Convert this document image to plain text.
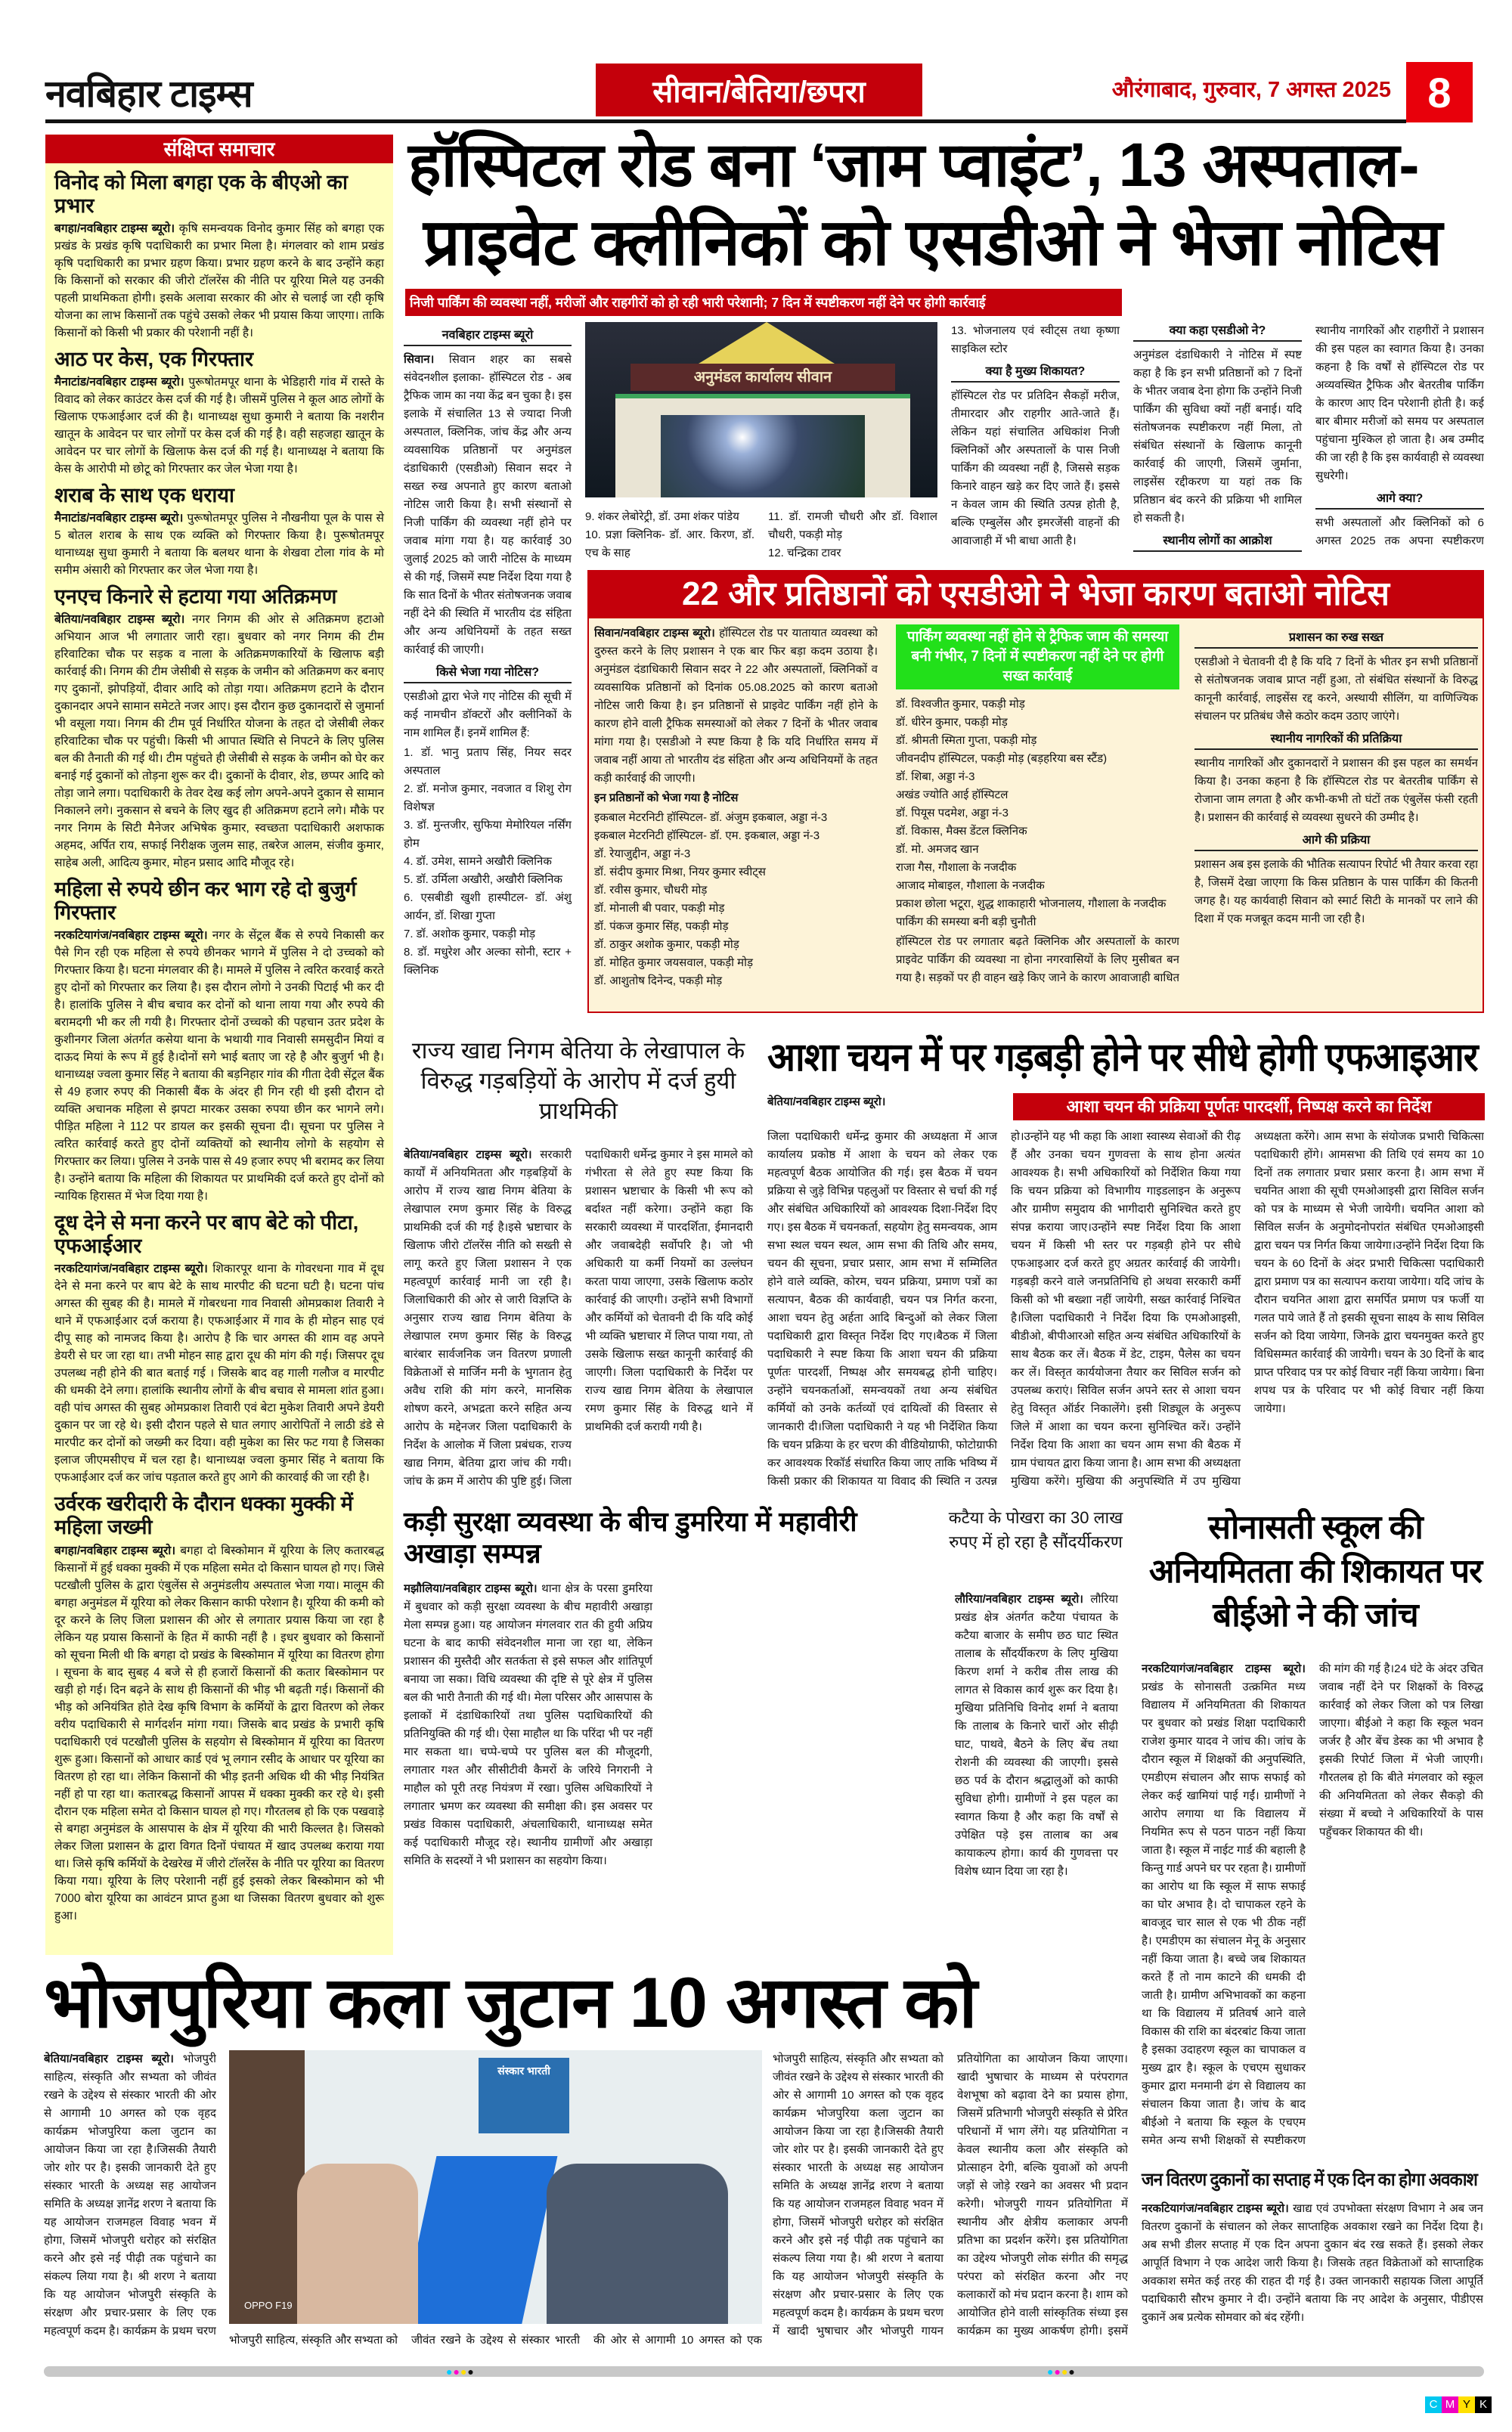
नवबिहार टाइम्स	सीवान/बेतिया/छपरा	औरंगाबाद, गुरुवार, 7 अगस्त 2025 8
संक्षिप्त समाचार
विनोद को मिला बगहा एक के बीएओ का प्रभार

बगहा/नवबिहार टाइम्स ब्यूरो। कृषि समन्वयक विनोद कुमार सिंह को बगहा एक प्रखंड के प्रखंड कृषि पदाधिकारी का प्रभार मिला है। मंगलवार को शाम प्रखंड कृषि पदाधिकारी का प्रभार ग्रहण किया। प्रभार ग्रहण करने के बाद उन्होंने कहा कि किसानों को सरकार की जीरो टॉलरेंस की नीति पर यूरिया मिले यह उनकी पहली प्राथमिकता होगी। इसके अलावा सरकार की ओर से चलाई जा रही कृषि योजना का लाभ किसानों तक पहुंचे उसको लेकर भी प्रयास किया जाएगा। ताकि किसानों को किसी भी प्रकार की परेशानी नहीं है।

आठ पर केस, एक गिरफ्तार

मैनाटांड/नवबिहार टाइम्स ब्यूरो। पुरूषोतमपूर थाना के भेडिहारी गांव में रास्ते के विवाद को लेकर काउंटर केस दर्ज की गई है। जीसमें पुलिस ने कूल आठ लोगों के खिलाफ एफआईआर दर्ज की है। थानाध्यक्ष सुधा कुमारी ने बताया कि नशरीन खातून के आवेदन पर चार लोगों पर केस दर्ज की गई है। वही सहजहा खातून के आवेदन पर चार लोगों के खिलाफ केस दर्ज की गई है। थानाध्यक्ष ने बताया कि केस के आरोपी मो छोटू को गिरफ्तार कर जेल भेजा गया है।

शराब के साथ एक धराया

मैनाटांड/नवबिहार टाइम्स ब्यूरो। पुरूषोतमपूर पुलिस ने नौखनीया पूल के पास से 5 बोतल शराब के साथ एक व्यक्ति को गिरफ्तार किया है। पुरूषोतमपूर थानाध्यक्ष सुधा कुमारी ने बताया कि बलथर थाना के शेखवा टोला गांव के मो समीम अंसारी को गिरफ्तार कर जेल भेजा गया है।

एनएच किनारे से हटाया गया अतिक्रमण

बेतिया/नवबिहार टाइम्स ब्यूरो। नगर निगम की ओर से अतिक्रमण हटाओ अभियान आज भी लगातार जारी रहा। बुधवार को नगर निगम की टीम हरिवाटिका चौक पर सड़क व नाला के अतिक्रमणकारियों के खिलाफ बड़ी कार्रवाई की। निगम की टीम जेसीबी से सड़क के जमीन को अतिक्रमण कर बनाए गए दुकानों, झोपड़ियों, दीवार आदि को तोड़ा गया। अतिक्रमण हटाने के दौरान दुकानदार अपने सामान समेटते नजर आए। इस दौरान कुछ दुकानदारों से जुमार्ना भी वसूला गया। निगम की टीम पूर्व निर्धारित योजना के तहत दो जेसीबी लेकर हरिवाटिका चौक पर पहुंची। किसी भी आपात स्थिति से निपटने के लिए पुलिस बल की तैनाती की गई थी। टीम पहुंचते ही जेसीबी से सड़क के जमीन को घेर कर बनाई गई दुकानों को तोड़ना शुरू कर दी। दुकानों के दीवार, शेड, छप्पर आदि को तोड़ा जाने लगा। पदाधिकारी के तेवर देख कई लोग अपने-अपने दुकान से सामान निकालने लगे। नुकसान से बचने के लिए खुद ही अतिक्रमण हटाने लगे। मौके पर नगर निगम के सिटी मैनेजर अभिषेक कुमार, स्वच्छता पदाधिकारी अशफाक अहमद, अर्पित राय, सफाई निरीक्षक जुलम साह, तबरेज आलम, संजीव कुमार, साहेब अली, आदित्य कुमार, मोहन प्रसाद आदि मौजूद रहे।

महिला से रुपये छीन कर भाग रहे दो बुजुर्ग गिरफ्तार

नरकटियागंज/नवबिहार टाइम्स ब्यूरो। नगर के सेंट्रल बैंक से रुपये निकासी कर पैसे गिन रही एक महिला से रुपये छीनकर भागने में पुलिस ने दो उच्चको को गिरफ्तार किया है। घटना मंगलवार की है। मामले में पुलिस ने त्वरित करवाई करते हुए दोनों को गिरफ्तार कर लिया है। इस दौरान लोगो ने उनकी पिटाई भी कर दी है। हालांकि पुलिस ने बीच बचाव कर दोनों को थाना लाया गया और रुपये की बरामदगी भी कर ली गयी है। गिरफ्तार दोनों उच्चको की पहचान उतर प्रदेश के कुशीनगर जिला अंतर्गत कसेया थाना के भथायी गाव निवासी समसुदीन मियां व दाऊद मियां के रूप में हुई है।दोनों सगे भाई बताए जा रहे है और बुजुर्ग भी है। थानाध्यक्ष ज्वला कुमार सिंह ने बताया की बड़निहार गांव की गीता देवी सेंट्रल बैंक से 49 हजार रुपए की निकासी बैंक के अंदर ही गिन रही थी इसी दौरान दो व्यक्ति अचानक महिला से झपटा मारकर उसका रुपया छीन कर भागने लगे। पीड़ित महिला ने 112 पर डायल कर इसकी सूचना दी। सूचना पर पुलिस ने त्वरित कार्रवाई करते हुए दोनों व्यक्तियों को स्थानीय लोगो के सहयोग से गिरफ्तार कर लिया। पुलिस ने उनके पास से 49 हजार रुपए भी बरामद कर लिया है। उन्होंने बताया कि महिला की शिकायत पर प्राथमिकी दर्ज करते हुए दोनों को न्यायिक हिरासत में भेज दिया गया है।

दूध देने से मना करने पर बाप बेटे को पीटा, एफआईआर

नरकटियागंज/नवबिहार टाइम्स ब्यूरो। शिकारपूर थाना के गोवरधना गाव में दूध देने से मना करने पर बाप बेटे के साथ मारपीट की घटना घटी है। घटना पांच अगस्त की सुबह की है। मामले में गोबरधना गाव निवासी ओमप्रकाश तिवारी ने थाने में एफआईआर दर्ज कराया है। एफआईआर में गाव के ही मोहन साह एवं दीपू साह को नामजद किया है। आरोप है कि चार अगस्त की शाम वह अपने डेयरी से घर जा रहा था। तभी मोहन साह द्वारा दूध की मांग की गई। जिसपर दूध उपलब्ध नही होने की बात बताई गई । जिसके बाद वह गाली गलौज व मारपीट की धमकी देने लगा। हालांकि स्थानीय लोगों के बीच बचाव से मामला शांत हुआ। वही पांच अगस्त की सुबह ओमप्रकाश तिवारी एवं बेटा मुकेश तिवारी अपने डेयरी दुकान पर जा रहे थे। इसी दौरान पहले से घात लगाए आरोपितों ने लाठी डंडे से मारपीट कर दोनों को जख्मी कर दिया। वही मुकेश का सिर फट गया है जिसका इलाज जीएमसीएच में चल रहा है। थानाध्यक्ष ज्वला कुमार सिंह ने बताया कि एफआईआर दर्ज कर जांच पड़ताल करते हुए आगे की कारवाई की जा रही है।

उर्वरक खरीदारी के दौरान धक्का मुक्की में महिला जख्मी

बगहा/नवबिहार टाइम्स ब्यूरो। बगहा दो बिस्कोमान में यूरिया के लिए कतारबद्ध किसानों में हुई धक्का मुक्की में एक महिला समेत दो किसान घायल हो गए। जिसे पटखौली पुलिस के द्वारा एंबुलेंस से अनुमंडलीय अस्पताल भेजा गया। मालूम की बगहा अनुमंडल में यूरिया को लेकर किसान काफी परेशान है। यूरिया की कमी को दूर करने के लिए जिला प्रशासन की ओर से लगातार प्रयास किया जा रहा है लेकिन यह प्रयास किसानों के हित में काफी नहीं है । इधर बुधवार को किसानों को सूचना मिली थी कि बगहा दो प्रखंड के बिस्कोमान में यूरिया का वितरण होगा । सूचना के बाद सुबह 4 बजे से ही हजारों किसानों की कतार बिस्कोमान पर खड़ी हो गई। दिन बढ़ने के साथ ही किसानों की भीड़ भी बढ़ती गई। किसानों की भीड़ को अनियंत्रित होते देख कृषि विभाग के कर्मियों के द्वारा वितरण को लेकर वरीय पदाधिकारी से मार्गदर्शन मांगा गया। जिसके बाद प्रखंड के प्रभारी कृषि पदाधिकारी एवं पटखौली पुलिस के सहयोग से बिस्कोमान में यूरिया का वितरण शुरू हुआ। किसानों को आधार कार्ड एवं भू लगान रसीद के आधार पर यूरिया का वितरण हो रहा था। लेकिन किसानों की भीड़ इतनी अधिक थी की भीड़ नियंत्रित नहीं हो पा रहा था। कतारबद्ध किसानों आपस में धक्का मुक्की कर रहे थे। इसी दौरान एक महिला समेत दो किसान घायल हो गए। गौरतलब हो कि एक पखवाड़े से बगहा अनुमंडल के आसपास के क्षेत्र में यूरिया की भारी किल्लत है। जिसको लेकर जिला प्रशासन के द्वारा विगत दिनों पंचायत में खाद उपलब्ध कराया गया था। जिसे कृषि कर्मियों के देखरेख में जीरो टॉलरेंस के नीति पर यूरिया का वितरण किया गया। यूरिया के लिए परेशानी नहीं हुई इसको लेकर बिस्कोमान को भी 7000 बोरा यूरिया का आवंटन प्राप्त हुआ था जिसका वितरण बुधवार को शुरू हुआ।

हॉस्पिटल रोड बना ‘जाम प्वाइंट’, 13 अस्पताल-
प्राइवेट क्लीनिकों को एसडीओ ने भेजा नोटिस
निजी पार्किंग की व्यवस्था नहीं, मरीजों और राहगीरों को हो रही भारी परेशानी; 7 दिन में स्पष्टीकरण नहीं देने पर होगी कार्रवाई
नवबिहार टाइम्स ब्यूरो

सिवान। सिवान शहर का सबसे संवेदनशील इलाका- हॉस्पिटल रोड - अब ट्रैफिक जाम का नया केंद्र बन चुका है। इस इलाके में संचालित 13 से ज्यादा निजी अस्पताल, क्लिनिक, जांच केंद्र और अन्य व्यवसायिक प्रतिष्ठानों पर अनुमंडल दंडाधिकारी (एसडीओ) सिवान सदर ने सख्त रुख अपनाते हुए कारण बताओ नोटिस जारी किया है। सभी संस्थानों से निजी पार्किंग की व्यवस्था नहीं होने पर जवाब मांगा गया है। यह कार्रवाई 30 जुलाई 2025 को जारी नोटिस के माध्यम से की गई, जिसमें स्पष्ट निर्देश दिया गया है कि सात दिनों के भीतर संतोषजनक जवाब नहीं देने की स्थिति में भारतीय दंड संहिता और अन्य अधिनियमों के तहत सख्त कार्रवाई की जाएगी।

किसे भेजा गया नोटिस?

एसडीओ द्वारा भेजे गए नोटिस की सूची में कई नामचीन डॉक्टरों और क्लीनिकों के नाम शामिल हैं। इनमें शामिल हैं:

1. डॉ. भानु प्रताप सिंह, नियर सदर अस्पताल
2. डॉ. मनोज कुमार, नवजात व शिशु रोग विशेषज्ञ
3. डॉ. मुन्तजीर, सुफिया मेमोरियल नर्सिंग होम
4. डॉ. उमेश, सामने अखौरी क्लिनिक
5. डॉ. उर्मिला अखौरी, अखौरी क्लिनिक
6. एसबीडी खुशी हास्पीटल- डॉ. अंशु आर्यन, डॉ. शिखा गुप्ता
7. डॉ. अशोक कुमार, पकड़ी मोड़
8. डॉ. मधुरेश और अल्का सोनी, स्टार + क्लिनिक
अनुमंडल कार्यालय सीवान
9. शंकर लेबोरेट्री, डॉ. उमा शंकर पांडेय
10. प्रज्ञा क्लिनिक- डॉ. आर. किरण, डॉ. एच के साह
11. डॉ. रामजी चौधरी और डॉ. विशाल चौधरी, पकड़ी मोड़
12. चन्द्रिका टावर
13. भोजनालय एवं स्वीट्स तथा कृष्णा साइकिल स्टोर
क्या है मुख्य शिकायत?

हॉस्पिटल रोड पर प्रतिदिन सैकड़ों मरीज, तीमारदार और राहगीर आते-जाते हैं। लेकिन यहां संचालित अधिकांश निजी क्लिनिकों और अस्पतालों के पास निजी पार्किंग की व्यवस्था नहीं है, जिससे सड़क किनारे वाहन खड़े कर दिए जाते हैं। इससे न केवल जाम की स्थिति उत्पन्न होती है, बल्कि एम्बुलेंस और इमरजेंसी वाहनों की आवाजाही में भी बाधा आती है।

क्या कहा एसडीओ ने?

अनुमंडल दंडाधिकारी ने नोटिस में स्पष्ट कहा है कि इन सभी प्रतिष्ठानों को 7 दिनों के भीतर जवाब देना होगा कि उन्होंने निजी पार्किंग की सुविधा क्यों नहीं बनाई। यदि संतोषजनक स्पष्टीकरण नहीं मिला, तो संबंधित संस्थानों के खिलाफ कानूनी कार्रवाई की जाएगी, जिसमें जुर्माना, लाइसेंस रद्दीकरण या यहां तक कि प्रतिष्ठान बंद करने की प्रक्रिया भी शामिल हो सकती है।

स्थानीय लोगों का आक्रोश

स्थानीय नागरिकों और राहगीरों ने प्रशासन की इस पहल का स्वागत किया है। उनका कहना है कि वर्षों से हॉस्पिटल रोड पर अव्यवस्थित ट्रैफिक और बेतरतीब पार्किंग के कारण आए दिन परेशानी होती है। कई बार बीमार मरीजों को समय पर अस्पताल पहुंचाना मुश्किल हो जाता है। अब उम्मीद की जा रही है कि इस कार्यवाही से व्यवस्था सुधरेगी।

आगे क्या?

सभी अस्पतालों और क्लिनिकों को 6 अगस्त 2025 तक अपना स्पष्टीकरण

22 और प्रतिष्ठानों को एसडीओ ने भेजा कारण बताओ नोटिस

सिवान/नवबिहार टाइम्स ब्यूरो। हॉस्पिटल रोड पर यातायात व्यवस्था को दुरुस्त करने के लिए प्रशासन ने एक बार फिर बड़ा कदम उठाया है। अनुमंडल दंडाधिकारी सिवान सदर ने 22 और अस्पतालों, क्लिनिकों व व्यवसायिक प्रतिष्ठानों को दिनांक 05.08.2025 को कारण बताओ नोटिस जारी किया है। इन प्रतिष्ठानों से प्राइवेट पार्किंग नहीं होने के कारण होने वाली ट्रैफिक समस्याओं को लेकर 7 दिनों के भीतर जवाब मांगा गया है। एसडीओ ने स्पष्ट किया है कि यदि निर्धारित समय में जवाब नहीं आया तो भारतीय दंड संहिता और अन्य अधिनियमों के तहत कड़ी कार्रवाई की जाएगी।

इन प्रतिष्ठानों को भेजा गया है नोटिस

इकबाल मेटरनिटी हॉस्पिटल- डॉ. अंजुम इकबाल, अड्डा नं-3
इकबाल मेटरनिटी हॉस्पिटल- डॉ. एम. इकबाल, अड्डा नं-3
डॉ. रेयाजुद्दीन, अड्डा नं-3
डॉ. संदीप कुमार मिश्रा, नियर कुमार स्वीट्स
डॉ. रवीस कुमार, चौधरी मोड़
डॉ. मोनाली बी पवार, पकड़ी मोड़
डॉ. पंकज कुमार सिंह, पकड़ी मोड़
डॉ. ठाकुर अशोक कुमार, पकड़ी मोड़
डॉ. मोहित कुमार जयसवाल, पकड़ी मोड़
डॉ. आशुतोष दिनेन्द, पकड़ी मोड़
पार्किंग व्यवस्था नहीं होने से ट्रैफिक जाम की समस्या बनी गंभीर, 7 दिनों में स्पष्टीकरण नहीं देने पर होगी सख्त कार्रवाई
डॉ. विश्वजीत कुमार, पकड़ी मोड़
डॉ. धीरेन कुमार, पकड़ी मोड़
डॉ. श्रीमती स्मिता गुप्ता, पकड़ी मोड़
जीवनदीप हॉस्पिटल, पकड़ी मोड़ (बड़हरिया बस स्टैंड)
डॉ. शिबा, अड्डा नं-3
अखंड ज्योति आई हॉस्पिटल
डॉ. पियूस पदमेश, अड्डा नं-3
डॉ. विकास, मैक्स डेंटल क्लिनिक
डॉ. मो. अमजद खान
राजा गैस, गौशाला के नजदीक
आजाद मोबाइल, गौशाला के नजदीक
प्रकाश छोला भटूरा, शुद्ध शाकाहारी भोजनालय, गौशाला के नजदीक

पार्किंग की समस्या बनी बड़ी चुनौती

हॉस्पिटल रोड पर लगातार बढ़ते क्लिनिक और अस्पतालों के कारण प्राइवेट पार्किंग की व्यवस्था ना होना नगरवासियों के लिए मुसीबत बन गया है। सड़कों पर ही वाहन खड़े किए जाने के कारण आवाजाही बाधित

प्रशासन का रुख सख्त

एसडीओ ने चेतावनी दी है कि यदि 7 दिनों के भीतर इन सभी प्रतिष्ठानों से संतोषजनक जवाब प्राप्त नहीं हुआ, तो संबंधित संस्थानों के विरुद्ध कानूनी कार्रवाई, लाइसेंस रद्द करने, अस्थायी सीलिंग, या वाणिज्यिक संचालन पर प्रतिबंध जैसे कठोर कदम उठाए जाएंगे।

स्थानीय नागरिकों की प्रतिक्रिया

स्थानीय नागरिकों और दुकानदारों ने प्रशासन की इस पहल का समर्थन किया है। उनका कहना है कि हॉस्पिटल रोड पर बेतरतीब पार्किंग से रोजाना जाम लगता है और कभी-कभी तो घंटों तक एंबुलेंस फंसी रहती है। प्रशासन की कार्रवाई से व्यवस्था सुधरने की उम्मीद है।

आगे की प्रक्रिया

प्रशासन अब इस इलाके की भौतिक सत्यापन रिपोर्ट भी तैयार करवा रहा है, जिसमें देखा जाएगा कि किस प्रतिष्ठान के पास पार्किंग की कितनी जगह है। यह कार्यवाही सिवान को स्मार्ट सिटी के मानकों पर लाने की दिशा में एक मजबूत कदम मानी जा रही है।

राज्य खाद्य निगम बेतिया के लेखापाल के विरुद्ध गड़बड़ियों के आरोप में दर्ज हुयी प्राथमिकी

बेतिया/नवबिहार टाइम्स ब्यूरो। सरकारी कार्यों में अनियमितता और गड़बड़ियों के आरोप में राज्य खाद्य निगम बेतिया के लेखापाल रमण कुमार सिंह के विरुद्ध प्राथमिकी दर्ज की गई है।इसे भ्रष्टाचार के खिलाफ जीरो टॉलरेंस नीति को सख्ती से लागू करते हुए जिला प्रशासन ने एक महत्वपूर्ण कार्रवाई मानी जा रही है। जिलाधिकारी की ओर से जारी विज्ञप्ति के अनुसार राज्य खाद्य निगम बेतिया के लेखापाल रमण कुमार सिंह के विरुद्ध बारंबार सार्वजनिक जन वितरण प्रणाली विक्रेताओं से मार्जिन मनी के भुगतान हेतु अवैध राशि की मांग करने, मानसिक शोषण करने, अभद्रता करने सहित अन्य आरोप के मद्देनजर जिला पदाधिकारी के निर्देश के आलोक में जिला प्रबंधक, राज्य खाद्य निगम, बेतिया द्वारा जांच की गयी। जांच के क्रम में आरोप की पुष्टि हुई। जिला पदाधिकारी धर्मेन्द्र कुमार ने इस मामले को गंभीरता से लेते हुए स्पष्ट किया कि प्रशासन भ्रष्टाचार के किसी भी रूप को बर्दाश्त नहीं करेगा। उन्होंने कहा कि सरकारी व्यवस्था में पारदर्शिता, ईमानदारी और जवाबदेही सर्वोपरि है। जो भी अधिकारी या कर्मी नियमों का उल्लंघन करता पाया जाएगा, उसके खिलाफ कठोर कार्रवाई की जाएगी। उन्होंने सभी विभागों और कर्मियों को चेतावनी दी कि यदि कोई भी व्यक्ति भ्रष्टाचार में लिप्त पाया गया, तो उसके खिलाफ सख्त कानूनी कार्रवाई की जाएगी। जिला पदाधिकारी के निर्देश पर राज्य खाद्य निगम बेतिया के लेखापाल रमण कुमार सिंह के विरुद्ध थाने में प्राथमिकी दर्ज करायी गयी है।

आशा चयन में पर गड़बड़ी होने पर सीधे होगी एफआइआर
आशा चयन की प्रक्रिया पूर्णतः पारदर्शी, निष्पक्ष करने का निर्देश

बेतिया/नवबिहार टाइम्स ब्यूरो।

जिला पदाधिकारी धर्मेन्द्र कुमार की अध्यक्षता में आज कार्यालय प्रकोष्ठ में आशा के चयन को लेकर एक महत्वपूर्ण बैठक आयोजित की गई। इस बैठक में चयन प्रक्रिया से जुड़े विभिन्न पहलुओं पर विस्तार से चर्चा की गई और संबंधित अधिकारियों को आवश्यक दिशा-निर्देश दिए गए। इस बैठक में चयनकर्ता, सहयोग हेतु समन्वयक, आम सभा स्थल चयन स्थल, आम सभा की तिथि और समय, चयन की सूचना, प्रचार प्रसार, आम सभा में सम्मिलित होने वाले व्यक्ति, कोरम, चयन प्रक्रिया, प्रमाण पत्रों का सत्यापन, बैठक की कार्यवाही, चयन पत्र निर्गत करना, आशा चयन हेतु अर्हता आदि बिन्दुओं को लेकर जिला पदाधिकारी द्वारा विस्तृत निर्देश दिए गए।बैठक में जिला पदाधिकारी ने स्पष्ट किया कि आशा चयन की प्रक्रिया पूर्णतः पारदर्शी, निष्पक्ष और समयबद्ध होनी चाहिए। उन्होंने चयनकर्ताओं, समन्वयकों तथा अन्य संबंधित कर्मियों को उनके कर्तव्यों एवं दायित्वों की विस्तार से जानकारी दी।जिला पदाधिकारी ने यह भी निर्देशित किया कि चयन प्रक्रिया के हर चरण की वीडियोग्राफी, फोटोग्राफी कर आवश्यक रिकॉर्ड संधारित किया जाए ताकि भविष्य में किसी प्रकार की शिकायत या विवाद की स्थिति न उत्पन्न हो।उन्होंने यह भी कहा कि आशा स्वास्थ्य सेवाओं की रीढ़ हैं और उनका चयन गुणवत्ता के साथ होना अत्यंत आवश्यक है। सभी अधिकारियों को निर्देशित किया गया कि चयन प्रक्रिया को विभागीय गाइडलाइन के अनुरूप और ग्रामीण समुदाय की भागीदारी सुनिश्चित करते हुए संपन्न कराया जाए।उन्होंने स्पष्ट निर्देश दिया कि आशा चयन में किसी भी स्तर पर गड़बड़ी होने पर सीधे एफआइआर दर्ज करते हुए अग्रतर कार्रवाई की जायेगी। गड़बड़ी करने वाले जनप्रतिनिधि हो अथवा सरकारी कर्मी किसी को भी बख्शा नहीं जायेगी, सख्त कार्रवाई निश्चित है।जिला पदाधिकारी ने निर्देश दिया कि एमओआइसी, बीडीओ, बीपीआरओ सहित अन्य संबंधित अधिकारियों के साथ बैठक कर लें। बैठक में डेट, टाइम, पैलेस का चयन कर लें। विस्तृत कार्ययोजना तैयार कर सिविल सर्जन को उपलब्ध कराएं। सिविल सर्जन अपने स्तर से आशा चयन हेतु विस्तृत ऑर्डर निकालेंगे। इसी शिड्यूल के अनुरूप जिले में आशा का चयन करना सुनिश्चित करें। उन्होंने निर्देश दिया कि आशा का चयन आम सभा की बैठक में ग्राम पंचायत द्वारा किया जाना है। आम सभा की अध्यक्षता मुखिया करेंगे। मुखिया की अनुपस्थिति में उप मुखिया अध्यक्षता करेंगे। आम सभा के संयोजक प्रभारी चिकित्सा पदाधिकारी होंगे। आमसभा की तिथि एवं समय का 10 दिनों तक लगातार प्रचार प्रसार करना है। आम सभा में चयनित आशा की सूची एमओआइसी द्वारा सिविल सर्जन को पत्र के माध्यम से भेजी जायेगी। चयनित आशा को सिविल सर्जन के अनुमोदनोपरांत संबंधित एमओआइसी द्वारा चयन पत्र निर्गत किया जायेगा।उन्होंने निर्देश दिया कि चयन के 60 दिनों के अंदर प्रभारी चिकित्सा पदाधिकारी द्वारा प्रमाण पत्र का सत्यापन कराया जायेगा। यदि जांच के दौरान चयनित आशा द्वारा समर्पित प्रमाण पत्र फर्जी या गलत पाये जाते हैं तो इसकी सूचना साक्ष्य के साथ सिविल सर्जन को दिया जायेगा, जिनके द्वारा चयनमुक्त करते हुए विधिसम्मत कार्रवाई की जायेगी। चयन के 30 दिनों के बाद प्राप्त परिवाद पत्र पर कोई विचार नहीं किया जायेगा। बिना शपथ पत्र के परिवाद पर भी कोई विचार नहीं किया जायेगा।

कड़ी सुरक्षा व्यवस्था के बीच डुमरिया में महावीरी अखाड़ा सम्पन्न

मझौलिया/नवबिहार टाइम्स ब्यूरो। थाना क्षेत्र के परसा डुमरिया में बुधवार को कड़ी सुरक्षा व्यवस्था के बीच महावीरी अखाड़ा मेला सम्पन्न हुआ। यह आयोजन मंगलवार रात की हुयी अप्रिय घटना के बाद काफी संवेदनशील माना जा रहा था, लेकिन प्रशासन की मुस्तैदी और सतर्कता से इसे सफल और शांतिपूर्ण बनाया जा सका। विधि व्यवस्था की दृष्टि से पूरे क्षेत्र में पुलिस बल की भारी तैनाती की गई थी। मेला परिसर और आसपास के इलाकों में दंडाधिकारियों तथा पुलिस पदाधिकारियों की प्रतिनियुक्ति की गई थी। ऐसा माहौल था कि परिंदा भी पर नहीं मार सकता था। चप्पे-चप्पे पर पुलिस बल की मौजूदगी, लगातार गश्त और सीसीटीवी कैमरों के जरिये निगरानी ने माहौल को पूरी तरह नियंत्रण में रखा। पुलिस अधिकारियों ने लगातार भ्रमण कर व्यवस्था की समीक्षा की। इस अवसर पर प्रखंड विकास पदाधिकारी, अंचलाधिकारी, थानाध्यक्ष समेत कई पदाधिकारी मौजूद रहे। स्थानीय ग्रामीणों और अखाड़ा समिति के सदस्यों ने भी प्रशासन का सहयोग किया।

कटैया के पोखरा का 30 लाख रुपए में हो रहा है सौंदर्यीकरण

लौरिया/नवबिहार टाइम्स ब्यूरो। लौरिया प्रखंड क्षेत्र अंतर्गत कटैया पंचायत के कटैया बाजार के समीप छठ घाट स्थित तालाब के सौंदर्यीकरण के लिए मुखिया किरण शर्मा ने करीब तीस लाख की लागत से विकास कार्य शुरू कर दिया है। मुखिया प्रतिनिधि विनोद शर्मा ने बताया कि तालाब के किनारे चारों ओर सीढ़ी घाट, पाथवे, बैठने के लिए बेंच तथा रोशनी की व्यवस्था की जाएगी। इससे छठ पर्व के दौरान श्रद्धालुओं को काफी सुविधा होगी। ग्रामीणों ने इस पहल का स्वागत किया है और कहा कि वर्षों से उपेक्षित पड़े इस तालाब का अब कायाकल्प होगा। कार्य की गुणवत्ता पर विशेष ध्यान दिया जा रहा है।

सोनासती स्कूल की अनियमितता की शिकायत पर बीईओ ने की जांच

नरकटियागंज/नवबिहार टाइम्स ब्यूरो। प्रखंड के सोनासती उत्क्रमित मध्य विद्यालय में अनियमितता की शिकायत पर बुधवार को प्रखंड शिक्षा पदाधिकारी राजेश कुमार यादव ने जांच की। जांच के दौरान स्कूल में शिक्षकों की अनुपस्थिति, एमडीएम संचालन और साफ सफाई को लेकर कई खामियां पाई गईं। ग्रामीणों ने आरोप लगाया था कि विद्यालय में नियमित रूप से पठन पाठन नहीं किया जाता है। स्कूल में नाईट गार्ड की बहाली है किन्तु गार्ड अपने घर पर रहता है। ग्रामीणों का आरोप था कि स्कूल में साफ सफाई का घोर अभाव है। दो चापाकल रहने के बावजूद चार साल से एक भी ठीक नहीं है। एमडीएम का संचालन मेनू के अनुसार नहीं किया जाता है। बच्चे जब शिकायत करते हैं तो नाम काटने की धमकी दी जाती है। ग्रामीण अभिभावकों का कहना था कि विद्यालय में प्रतिवर्ष आने वाले विकास की राशि का बंदरबांट किया जाता है इसका उदाहरण स्कूल का चापाकल व मुख्य द्वार है। स्कूल के एचएम सुधाकर कुमार द्वारा मनमानी ढंग से विद्यालय का संचालन किया जाता है। जांच के बाद बीईओ ने बताया कि स्कूल के एचएम समेत अन्य सभी शिक्षकों से स्पष्टीकरण की मांग की गई है।24 घंटे के अंदर उचित जवाब नहीं देने पर शिक्षकों के विरुद्ध कार्रवाई को लेकर जिला को पत्र लिखा जाएगा। बीईओ ने कहा कि स्कूल भवन जर्जर है और बेंच डेस्क का भी अभाव है इसकी रिपोर्ट जिला में भेजी जाएगी।गौरतलब हो कि बीते मंगलवार को स्कूल की अनियमितता को लेकर सैकड़ो की संख्या में बच्चो ने अधिकारियों के पास पहुँचकर शिकायत की थी।

जन वितरण दुकानों का सप्ताह में एक दिन का होगा अवकाश

नरकटियागंज/नवबिहार टाइम्स ब्यूरो। खाद्य एवं उपभोक्ता संरक्षण विभाग ने अब जन वितरण दुकानों के संचालन को लेकर साप्ताहिक अवकाश रखने का निर्देश दिया है। अब सभी डीलर सप्ताह में एक दिन अपना दुकान बंद रख सकते हैं। इसको लेकर आपूर्ति विभाग ने एक आदेश जारी किया है। जिसके तहत विक्रेताओं को साप्ताहिक अवकाश समेत कई तरह की राहत दी गई है। उक्त जानकारी सहायक जिला आपूर्ति पदाधिकारी सौरभ कुमार ने दी। उन्होंने बताया कि नए आदेश के अनुसार, पीडीएस दुकानें अब प्रत्येक सोमवार को बंद रहेंगी।

भोजपुरिया कला जुटान 10 अगस्त को
संस्कार भारती
OPPO F19

बेतिया/नवबिहार टाइम्स ब्यूरो। भोजपुरी साहित्य, संस्कृति और सभ्यता को जीवंत रखने के उद्देश्य से संस्कार भारती की ओर से आगामी 10 अगस्त को एक वृहद कार्यक्रम भोजपुरिया कला जुटान का आयोजन किया जा रहा है।जिसकी तैयारी जोर शोर पर है। इसकी जानकारी देते हुए संस्कार भारती के अध्यक्ष सह आयोजन समिति के अध्यक्ष ज्ञानेंद्र शरण ने बताया कि यह आयोजन राजमहल विवाह भवन में होगा, जिसमें भोजपुरी धरोहर को संरक्षित करने और इसे नई पीढ़ी तक पहुंचाने का संकल्प लिया गया है। श्री शरण ने बताया कि यह आयोजन भोजपुरी संस्कृति के संरक्षण और प्रचार-प्रसार के लिए एक महत्वपूर्ण कदम है। कार्यक्रम के प्रथम चरण

भोजपुरी साहित्य, संस्कृति और सभ्यता को जीवंत रखने के उद्देश्य से संस्कार भारती की ओर से आगामी 10 अगस्त को एक वृहद कार्यक्रम भोजपुरिया कला जुटान का आयोजन किया जा रहा है।जिसकी तैयारी जोर शोर पर है। इसकी जानकारी देते हुए संस्कार भारती के अध्यक्ष सह आयोजन समिति के अध्यक्ष ज्ञानेंद्र शरण ने बताया कि यह आयोजन राजमहल विवाह भवन में होगा, जिसमें भोजपुरी धरोहर को संरक्षित करने और इसे नई पीढ़ी तक पहुंचाने का संकल्प लिया गया है। श्री शरण ने बताया कि यह आयोजन भोजपुरी संस्कृति के संरक्षण और प्रचार-प्रसार के लिए एक महत्वपूर्ण कदम है। कार्यक्रम के प्रथम चरण में खादी भुषाचार और भोजपुरी गायन प्रतियोगिता का आयोजन किया जाएगा। खादी भुषाचार के माध्यम से परंपरागत वेशभूषा को बढ़ावा देने का प्रयास होगा, जिसमें प्रतिभागी भोजपुरी संस्कृति से प्रेरित परिधानों में भाग लेंगे। यह प्रतियोगिता न केवल स्थानीय कला और संस्कृति को प्रोत्साहन देगी, बल्कि युवाओं को अपनी जड़ों से जोड़े रखने का अवसर भी प्रदान करेगी। भोजपुरी गायन प्रतियोगिता में स्थानीय और क्षेत्रीय कलाकार अपनी प्रतिभा का प्रदर्शन करेंगे। इस प्रतियोगिता का उद्देश्य भोजपुरी लोक संगीत की समृद्ध परंपरा को संरक्षित करना और नए कलाकारों को मंच प्रदान करना है। शाम को आयोजित होने वाली सांस्कृतिक संध्या इस कार्यक्रम का मुख्य आकर्षण होगी। इसमें

भोजपुरी साहित्य, संस्कृति और सभ्यता को जीवंत रखने के उद्देश्य से संस्कार भारती की ओर से आगामी 10 अगस्त को एक

●●●●	●●●●
C M Y K
